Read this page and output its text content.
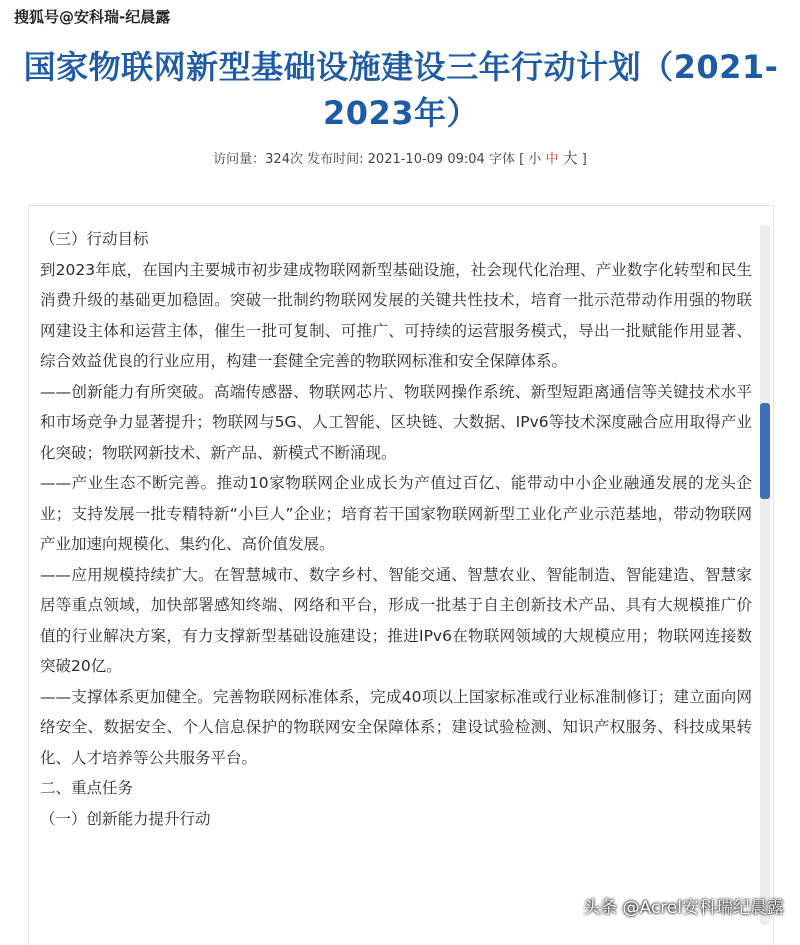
搜狐号@安科瑞-纪晨露
国家物联网新型基础设施建设三年行动计划（2021-2023年）
访问量：324次 发布时间: 2021-10-09 09:04 字体 [ 小 中 大 ]

（三）行动目标

到2023年底，在国内主要城市初步建成物联网新型基础设施，社会现代化治理、产业数字化转型和民生消费升级的基础更加稳固。突破一批制约物联网发展的关键共性技术，培育一批示范带动作用强的物联网建设主体和运营主体，催生一批可复制、可推广、可持续的运营服务模式，导出一批赋能作用显著、综合效益优良的行业应用，构建一套健全完善的物联网标准和安全保障体系。

——创新能力有所突破。高端传感器、物联网芯片、物联网操作系统、新型短距离通信等关键技术水平和市场竞争力显著提升；物联网与5G、人工智能、区块链、大数据、IPv6等技术深度融合应用取得产业化突破；物联网新技术、新产品、新模式不断涌现。

——产业生态不断完善。推动10家物联网企业成长为产值过百亿、能带动中小企业融通发展的龙头企业；支持发展一批专精特新“小巨人”企业；培育若干国家物联网新型工业化产业示范基地，带动物联网产业加速向规模化、集约化、高价值发展。

——应用规模持续扩大。在智慧城市、数字乡村、智能交通、智慧农业、智能制造、智能建造、智慧家居等重点领域，加快部署感知终端、网络和平台，形成一批基于自主创新技术产品、具有大规模推广价值的行业解决方案，有力支撑新型基础设施建设；推进IPv6在物联网领域的大规模应用；物联网连接数突破20亿。

——支撑体系更加健全。完善物联网标准体系，完成40项以上国家标准或行业标准制修订；建立面向网络安全、数据安全、个人信息保护的物联网安全保障体系；建设试验检测、知识产权服务、科技成果转化、人才培养等公共服务平台。

二、重点任务

（一）创新能力提升行动

头条 @Acrel安科瑞纪晨露
